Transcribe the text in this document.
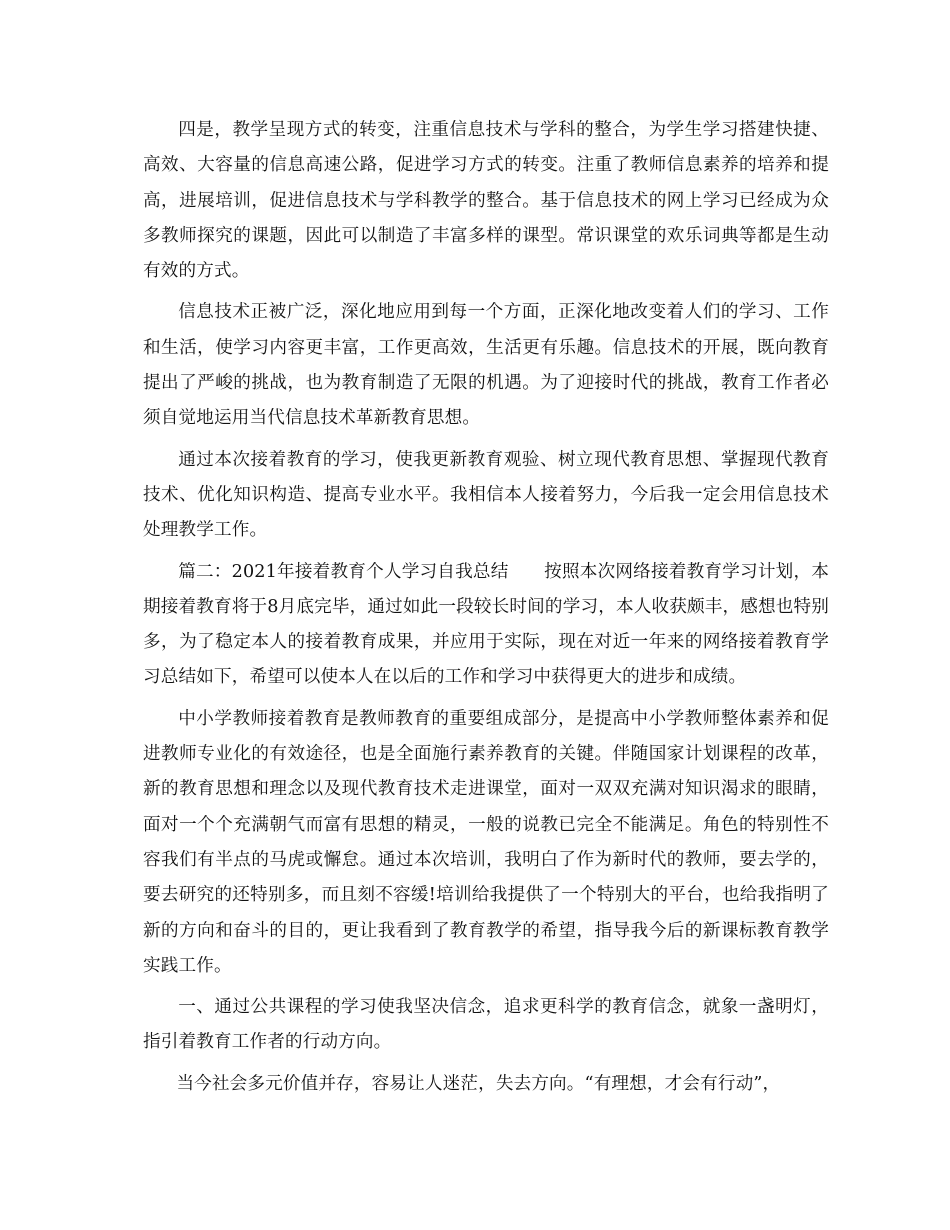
四是，教学呈现方式的转变，注重信息技术与学科的整合，为学生学习搭建快捷、高效、大容量的信息高速公路，促进学习方式的转变。注重了教师信息素养的培养和提高，进展培训，促进信息技术与学科教学的整合。基于信息技术的网上学习已经成为众多教师探究的课题，因此可以制造了丰富多样的课型。常识课堂的欢乐词典等都是生动有效的方式。

信息技术正被广泛，深化地应用到每一个方面，正深化地改变着人们的学习、工作和生活，使学习内容更丰富，工作更高效，生活更有乐趣。信息技术的开展，既向教育提出了严峻的挑战，也为教育制造了无限的机遇。为了迎接时代的挑战，教育工作者必须自觉地运用当代信息技术革新教育思想。

通过本次接着教育的学习，使我更新教育观验、树立现代教育思想、掌握现代教育技术、优化知识构造、提高专业水平。我相信本人接着努力，今后我一定会用信息技术处理教学工作。

篇二：2021年接着教育个人学习自我总结　　按照本次网络接着教育学习计划，本期接着教育将于8月底完毕，通过如此一段较长时间的学习，本人收获颇丰，感想也特别多，为了稳定本人的接着教育成果，并应用于实际，现在对近一年来的网络接着教育学习总结如下，希望可以使本人在以后的工作和学习中获得更大的进步和成绩。

中小学教师接着教育是教师教育的重要组成部分，是提高中小学教师整体素养和促进教师专业化的有效途径，也是全面施行素养教育的关键。伴随国家计划课程的改革，新的教育思想和理念以及现代教育技术走进课堂，面对一双双充满对知识渴求的眼睛，面对一个个充满朝气而富有思想的精灵，一般的说教已完全不能满足。角色的特别性不容我们有半点的马虎或懈怠。通过本次培训，我明白了作为新时代的教师，要去学的，要去研究的还特别多，而且刻不容缓!培训给我提供了一个特别大的平台，也给我指明了新的方向和奋斗的目的，更让我看到了教育教学的希望，指导我今后的新课标教育教学实践工作。

一、通过公共课程的学习使我坚决信念，追求更科学的教育信念，就象一盏明灯，指引着教育工作者的行动方向。

当今社会多元价值并存，容易让人迷茫，失去方向。“有理想，才会有行动”，
